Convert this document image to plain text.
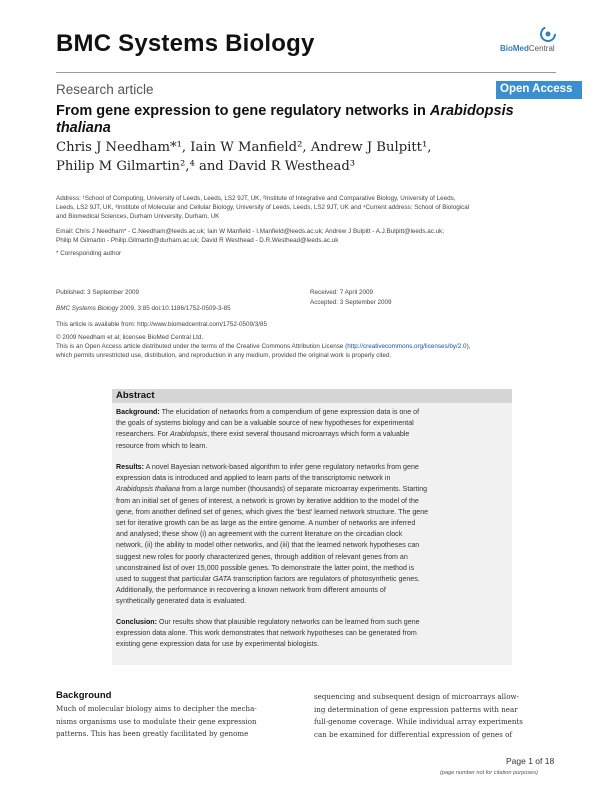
BMC Systems Biology	BioMedCentral
Research article	Open Access
From gene expression to gene regulatory networks in Arabidopsis thaliana
Chris J Needham*¹, Iain W Manfield², Andrew J Bulpitt¹,
Philip M Gilmartin²,⁴ and David R Westhead³
Address: ¹School of Computing, University of Leeds, Leeds, LS2 9JT, UK, ²Institute of Integrative and Comparative Biology, University of Leeds,
Leeds, LS2 9JT, UK, ³Institute of Molecular and Cellular Biology, University of Leeds, Leeds, LS2 9JT, UK and ⁴Current address: School of Biological
and Biomedical Sciences, Durham University, Durham, UK
Email: Chris J Needham* - C.Needham@leeds.ac.uk; Iain W Manfield - I.Manfield@leeds.ac.uk; Andrew J Bulpitt - A.J.Bulpitt@leeds.ac.uk;
Philip M Gilmartin - Philip.Gilmartin@durham.ac.uk; David R Westhead - D.R.Westhead@leeds.ac.uk
* Corresponding author
Published: 3 September 2009
BMC Systems Biology 2009, 3:85 doi:10.1186/1752-0509-3-85
This article is available from: http://www.biomedcentral.com/1752-0509/3/85
Received: 7 April 2009
Accepted: 3 September 2009
© 2009 Needham et al; licensee BioMed Central Ltd.
This is an Open Access article distributed under the terms of the Creative Commons Attribution License (http://creativecommons.org/licenses/by/2.0),
which permits unrestricted use, distribution, and reproduction in any medium, provided the original work is properly cited.
Abstract
Background: The elucidation of networks from a compendium of gene expression data is one of
the goals of systems biology and can be a valuable source of new hypotheses for experimental
researchers. For Arabidopsis, there exist several thousand microarrays which form a valuable
resource from which to learn.
Results: A novel Bayesian network-based algorithm to infer gene regulatory networks from gene
expression data is introduced and applied to learn parts of the transcriptomic network in
Arabidopsis thaliana from a large number (thousands) of separate microarray experiments. Starting
from an initial set of genes of interest, a network is grown by iterative addition to the model of the
gene, from another defined set of genes, which gives the 'best' learned network structure. The gene
set for iterative growth can be as large as the entire genome. A number of networks are inferred
and analysed; these show (i) an agreement with the current literature on the circadian clock
network, (ii) the ability to model other networks, and (iii) that the learned network hypotheses can
suggest new roles for poorly characterized genes, through addition of relevant genes from an
unconstrained list of over 15,000 possible genes. To demonstrate the latter point, the method is
used to suggest that particular GATA transcription factors are regulators of photosynthetic genes.
Additionally, the performance in recovering a known network from different amounts of
synthetically generated data is evaluated.
Conclusion: Our results show that plausible regulatory networks can be learned from such gene
expression data alone. This work demonstrates that network hypotheses can be generated from
existing gene expression data for use by experimental biologists.
Background
Much of molecular biology aims to decipher the mecha-
nisms organisms use to modulate their gene expression
patterns. This has been greatly facilitated by genome
sequencing and subsequent design of microarrays allow-
ing determination of gene expression patterns with near
full-genome coverage. While individual array experiments
can be examined for differential expression of genes of
Page 1 of 18
(page number not for citation purposes)
